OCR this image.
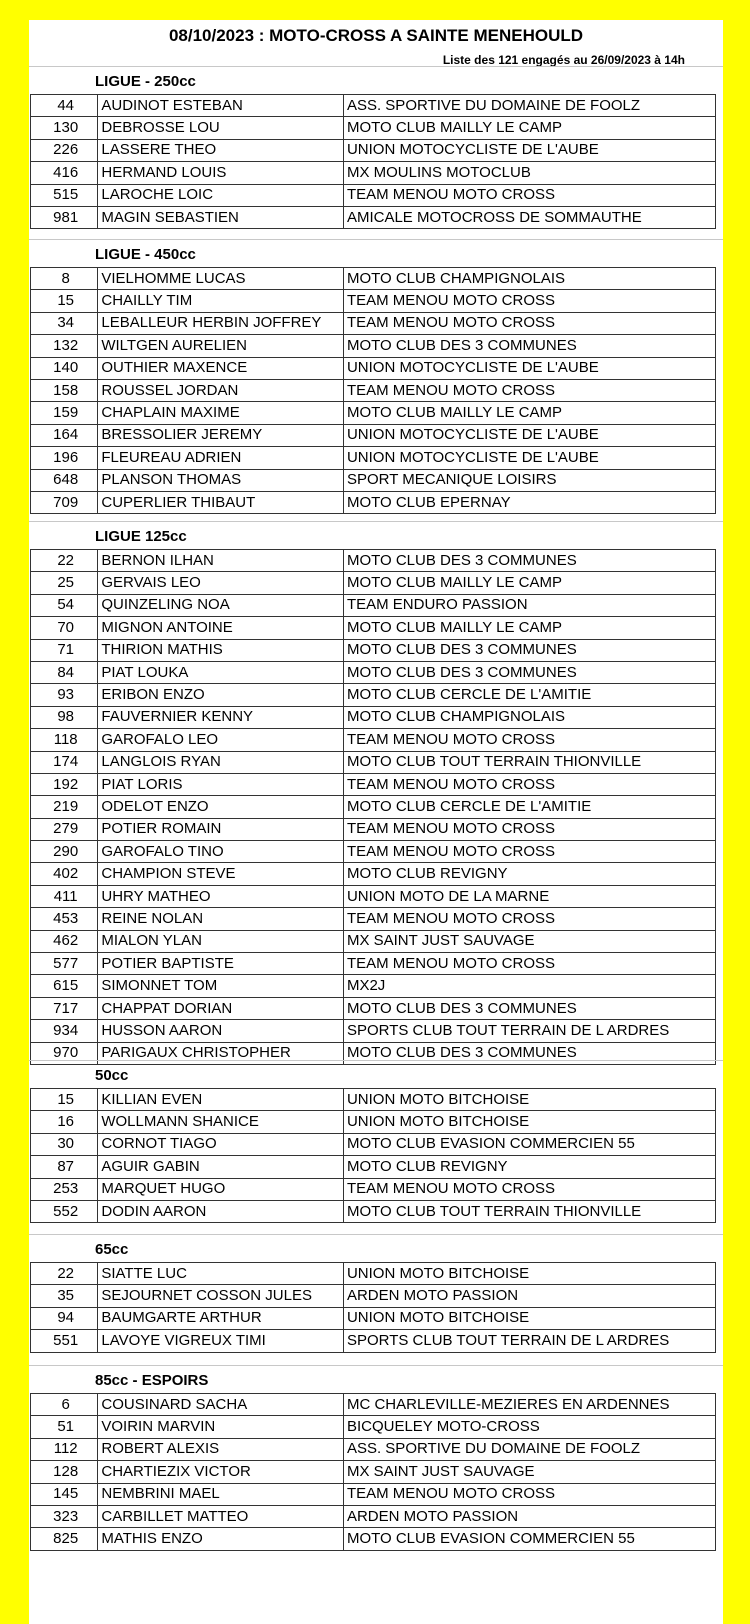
08/10/2023 : MOTO-CROSS A SAINTE MENEHOULD
Liste des 121 engagés au 26/09/2023 à 14h
LIGUE - 250cc
44	AUDINOT ESTEBAN	ASS. SPORTIVE DU DOMAINE DE FOOLZ
130	DEBROSSE LOU	MOTO CLUB MAILLY LE CAMP
226	LASSERE THEO	UNION MOTOCYCLISTE DE L'AUBE
416	HERMAND LOUIS	MX MOULINS MOTOCLUB
515	LAROCHE LOIC	TEAM MENOU MOTO CROSS
981	MAGIN SEBASTIEN	AMICALE MOTOCROSS DE SOMMAUTHE
LIGUE - 450cc
8	VIELHOMME LUCAS	MOTO CLUB CHAMPIGNOLAIS
15	CHAILLY TIM	TEAM MENOU MOTO CROSS
34	LEBALLEUR HERBIN JOFFREY	TEAM MENOU MOTO CROSS
132	WILTGEN AURELIEN	MOTO CLUB DES 3 COMMUNES
140	OUTHIER MAXENCE	UNION MOTOCYCLISTE DE L'AUBE
158	ROUSSEL JORDAN	TEAM MENOU MOTO CROSS
159	CHAPLAIN MAXIME	MOTO CLUB MAILLY LE CAMP
164	BRESSOLIER JEREMY	UNION MOTOCYCLISTE DE L'AUBE
196	FLEUREAU ADRIEN	UNION MOTOCYCLISTE DE L'AUBE
648	PLANSON THOMAS	SPORT MECANIQUE LOISIRS
709	CUPERLIER THIBAUT	MOTO CLUB EPERNAY
LIGUE 125cc
22	BERNON ILHAN	MOTO CLUB DES 3 COMMUNES
25	GERVAIS LEO	MOTO CLUB MAILLY LE CAMP
54	QUINZELING NOA	TEAM ENDURO PASSION
70	MIGNON ANTOINE	MOTO CLUB MAILLY LE CAMP
71	THIRION MATHIS	MOTO CLUB DES 3 COMMUNES
84	PIAT LOUKA	MOTO CLUB DES 3 COMMUNES
93	ERIBON ENZO	MOTO CLUB CERCLE DE L'AMITIE
98	FAUVERNIER KENNY	MOTO CLUB CHAMPIGNOLAIS
118	GAROFALO LEO	TEAM MENOU MOTO CROSS
174	LANGLOIS RYAN	MOTO CLUB TOUT TERRAIN THIONVILLE
192	PIAT LORIS	TEAM MENOU MOTO CROSS
219	ODELOT ENZO	MOTO CLUB CERCLE DE L'AMITIE
279	POTIER ROMAIN	TEAM MENOU MOTO CROSS
290	GAROFALO TINO	TEAM MENOU MOTO CROSS
402	CHAMPION STEVE	MOTO CLUB REVIGNY
411	UHRY MATHEO	UNION MOTO DE LA MARNE
453	REINE NOLAN	TEAM MENOU MOTO CROSS
462	MIALON YLAN	MX SAINT JUST SAUVAGE
577	POTIER BAPTISTE	TEAM MENOU MOTO CROSS
615	SIMONNET TOM	MX2J
717	CHAPPAT DORIAN	MOTO CLUB DES 3 COMMUNES
934	HUSSON AARON	SPORTS CLUB TOUT TERRAIN DE L ARDRES
970	PARIGAUX CHRISTOPHER	MOTO CLUB DES 3 COMMUNES
50cc
15	KILLIAN EVEN	UNION MOTO BITCHOISE
16	WOLLMANN SHANICE	UNION MOTO BITCHOISE
30	CORNOT TIAGO	MOTO CLUB EVASION COMMERCIEN 55
87	AGUIR GABIN	MOTO CLUB REVIGNY
253	MARQUET HUGO	TEAM MENOU MOTO CROSS
552	DODIN AARON	MOTO CLUB TOUT TERRAIN THIONVILLE
65cc
22	SIATTE LUC	UNION MOTO BITCHOISE
35	SEJOURNET COSSON JULES	ARDEN MOTO PASSION
94	BAUMGARTE ARTHUR	UNION MOTO BITCHOISE
551	LAVOYE VIGREUX TIMI	SPORTS CLUB TOUT TERRAIN DE L ARDRES
85cc - ESPOIRS
6	COUSINARD SACHA	MC CHARLEVILLE-MEZIERES EN ARDENNES
51	VOIRIN MARVIN	BICQUELEY MOTO-CROSS
112	ROBERT ALEXIS	ASS. SPORTIVE DU DOMAINE DE FOOLZ
128	CHARTIEZIX VICTOR	MX SAINT JUST SAUVAGE
145	NEMBRINI MAEL	TEAM MENOU MOTO CROSS
323	CARBILLET MATTEO	ARDEN MOTO PASSION
825	MATHIS ENZO	MOTO CLUB EVASION COMMERCIEN 55
